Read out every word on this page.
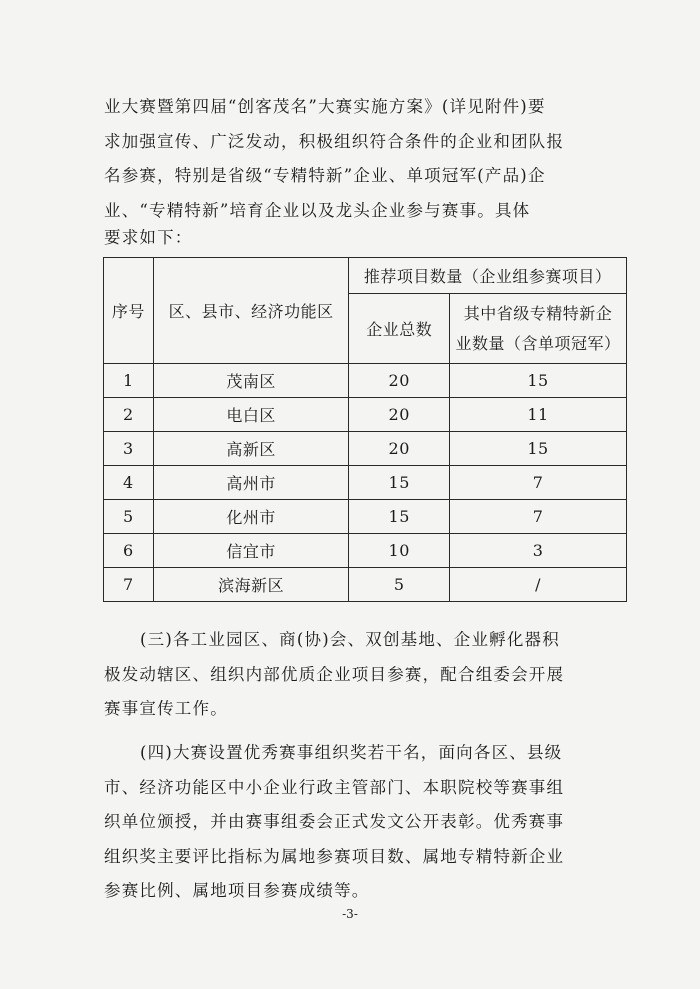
业大赛暨第四届“创客茂名”大赛实施方案》(详见附件)要
求加强宣传、广泛发动，积极组织符合条件的企业和团队报
名参赛，特别是省级“专精特新”企业、单项冠军(产品)企
业、“专精特新”培育企业以及龙头企业参与赛事。具体
要求如下：

序号	区、县市、经济功能区	推荐项目数量（企业组参赛项目）	
		企业总数	其中省级专精特新企
业数量（含单项冠军）
1	茂南区	20	15
2	电白区	20	11
3	高新区	20	15
4	高州市	15	7
5	化州市	15	7
6	信宜市	10	3
7	滨海新区	5	/

(三)各工业园区、商(协)会、双创基地、企业孵化器积
极发动辖区、组织内部优质企业项目参赛，配合组委会开展
赛事宣传工作。

(四)大赛设置优秀赛事组织奖若干名，面向各区、县级
市、经济功能区中小企业行政主管部门、本职院校等赛事组
织单位颁授，并由赛事组委会正式发文公开表彰。优秀赛事
组织奖主要评比指标为属地参赛项目数、属地专精特新企业
参赛比例、属地项目参赛成绩等。

-3-
